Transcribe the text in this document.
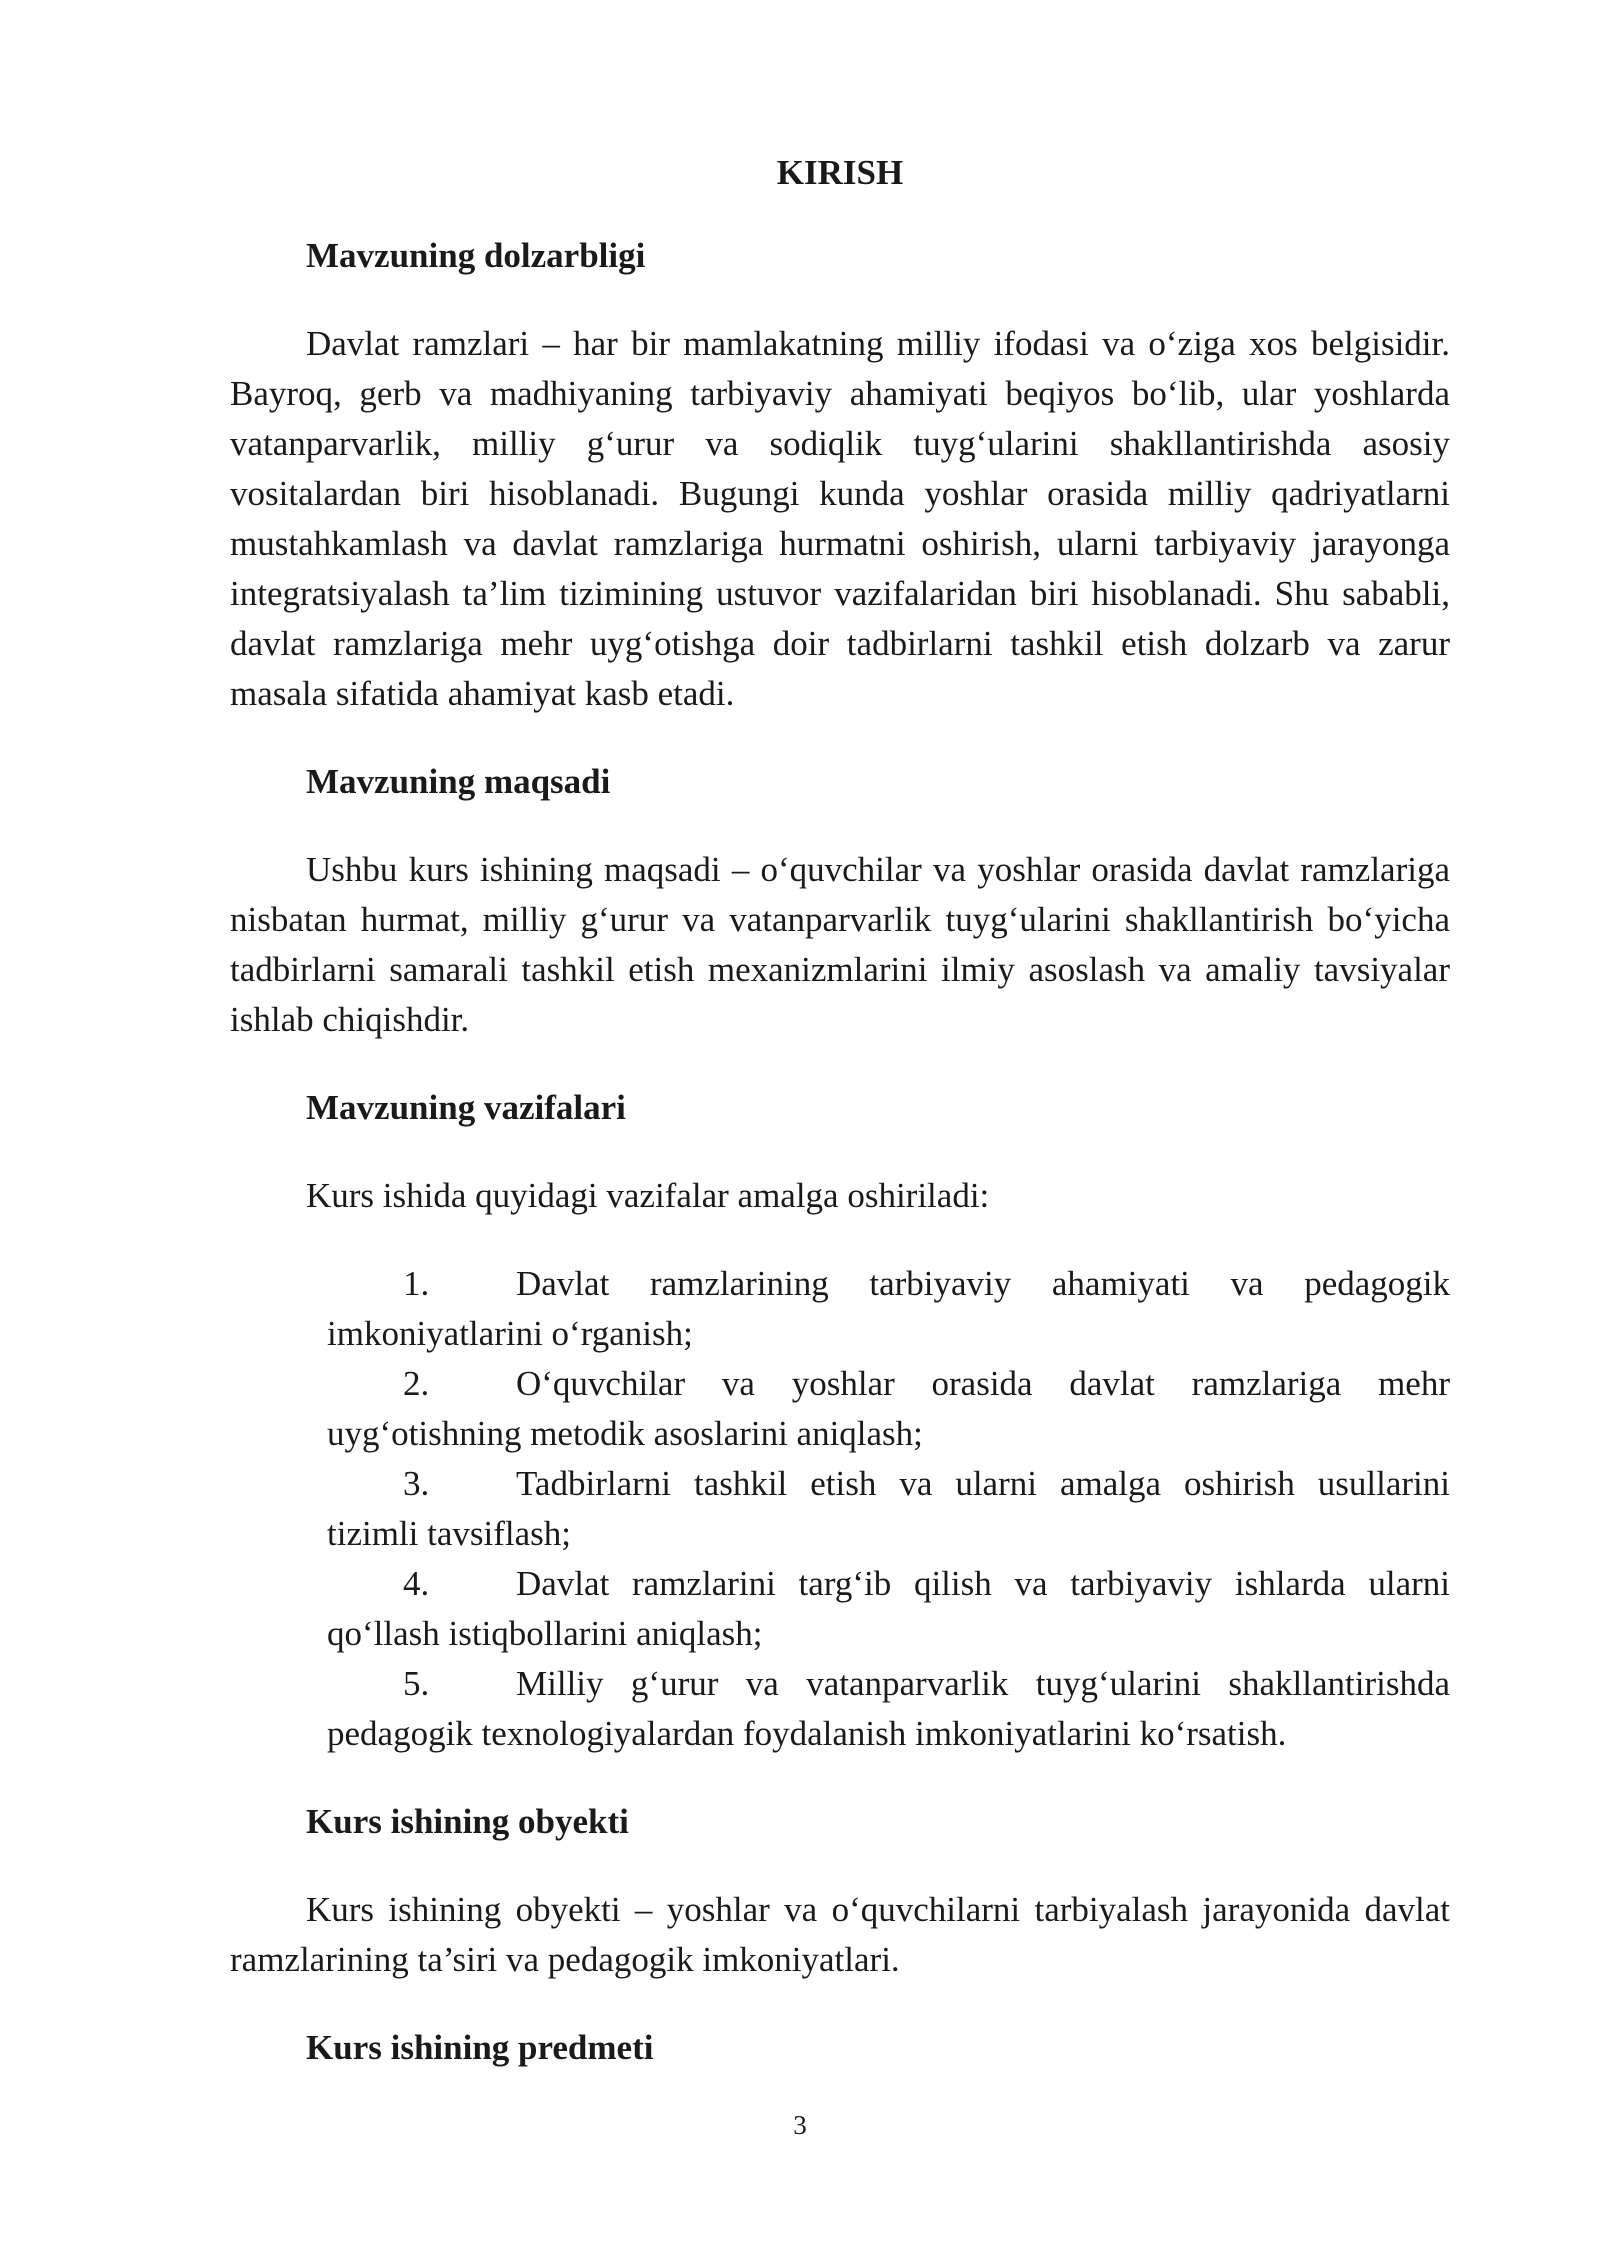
KIRISH
Mavzuning dolzarbligi

Davlat ramzlari – har bir mamlakatning milliy ifodasi va o‘ziga xos belgisidir. Bayroq, gerb va madhiyaning tarbiyaviy ahamiyati beqiyos bo‘lib, ular yoshlarda vatanparvarlik, milliy g‘urur va sodiqlik tuyg‘ularini shakllantirishda asosiy vositalardan biri hisoblanadi. Bugungi kunda yoshlar orasida milliy qadriyatlarni mustahkamlash va davlat ramzlariga hurmatni oshirish, ularni tarbiyaviy jarayonga integratsiyalash ta’lim tizimining ustuvor vazifalaridan biri hisoblanadi. Shu sababli, davlat ramzlariga mehr uyg‘otishga doir tadbirlarni tashkil etish dolzarb va zarur masala sifatida ahamiyat kasb etadi.

Mavzuning maqsadi

Ushbu kurs ishining maqsadi – o‘quvchilar va yoshlar orasida davlat ramzlariga nisbatan hurmat, milliy g‘urur va vatanparvarlik tuyg‘ularini shakllantirish bo‘yicha tadbirlarni samarali tashkil etish mexanizmlarini ilmiy asoslash va amaliy tavsiyalar ishlab chiqishdir.

Mavzuning vazifalari
Kurs ishida quyidagi vazifalar amalga oshiriladi:
1. Davlat ramzlarining tarbiyaviy ahamiyati va pedagogik
imkoniyatlarini o‘rganish;
2. O‘quvchilar va yoshlar orasida davlat ramzlariga mehr
uyg‘otishning metodik asoslarini aniqlash;
3. Tadbirlarni tashkil etish va ularni amalga oshirish usullarini
tizimli tavsiflash;
4. Davlat ramzlarini targ‘ib qilish va tarbiyaviy ishlarda ularni
qo‘llash istiqbollarini aniqlash;
5. Milliy g‘urur va vatanparvarlik tuyg‘ularini shakllantirishda
pedagogik texnologiyalardan foydalanish imkoniyatlarini ko‘rsatish.
Kurs ishining obyekti

Kurs ishining obyekti – yoshlar va o‘quvchilarni tarbiyalash jarayonida davlat ramzlarining ta’siri va pedagogik imkoniyatlari.

Kurs ishining predmeti
3
